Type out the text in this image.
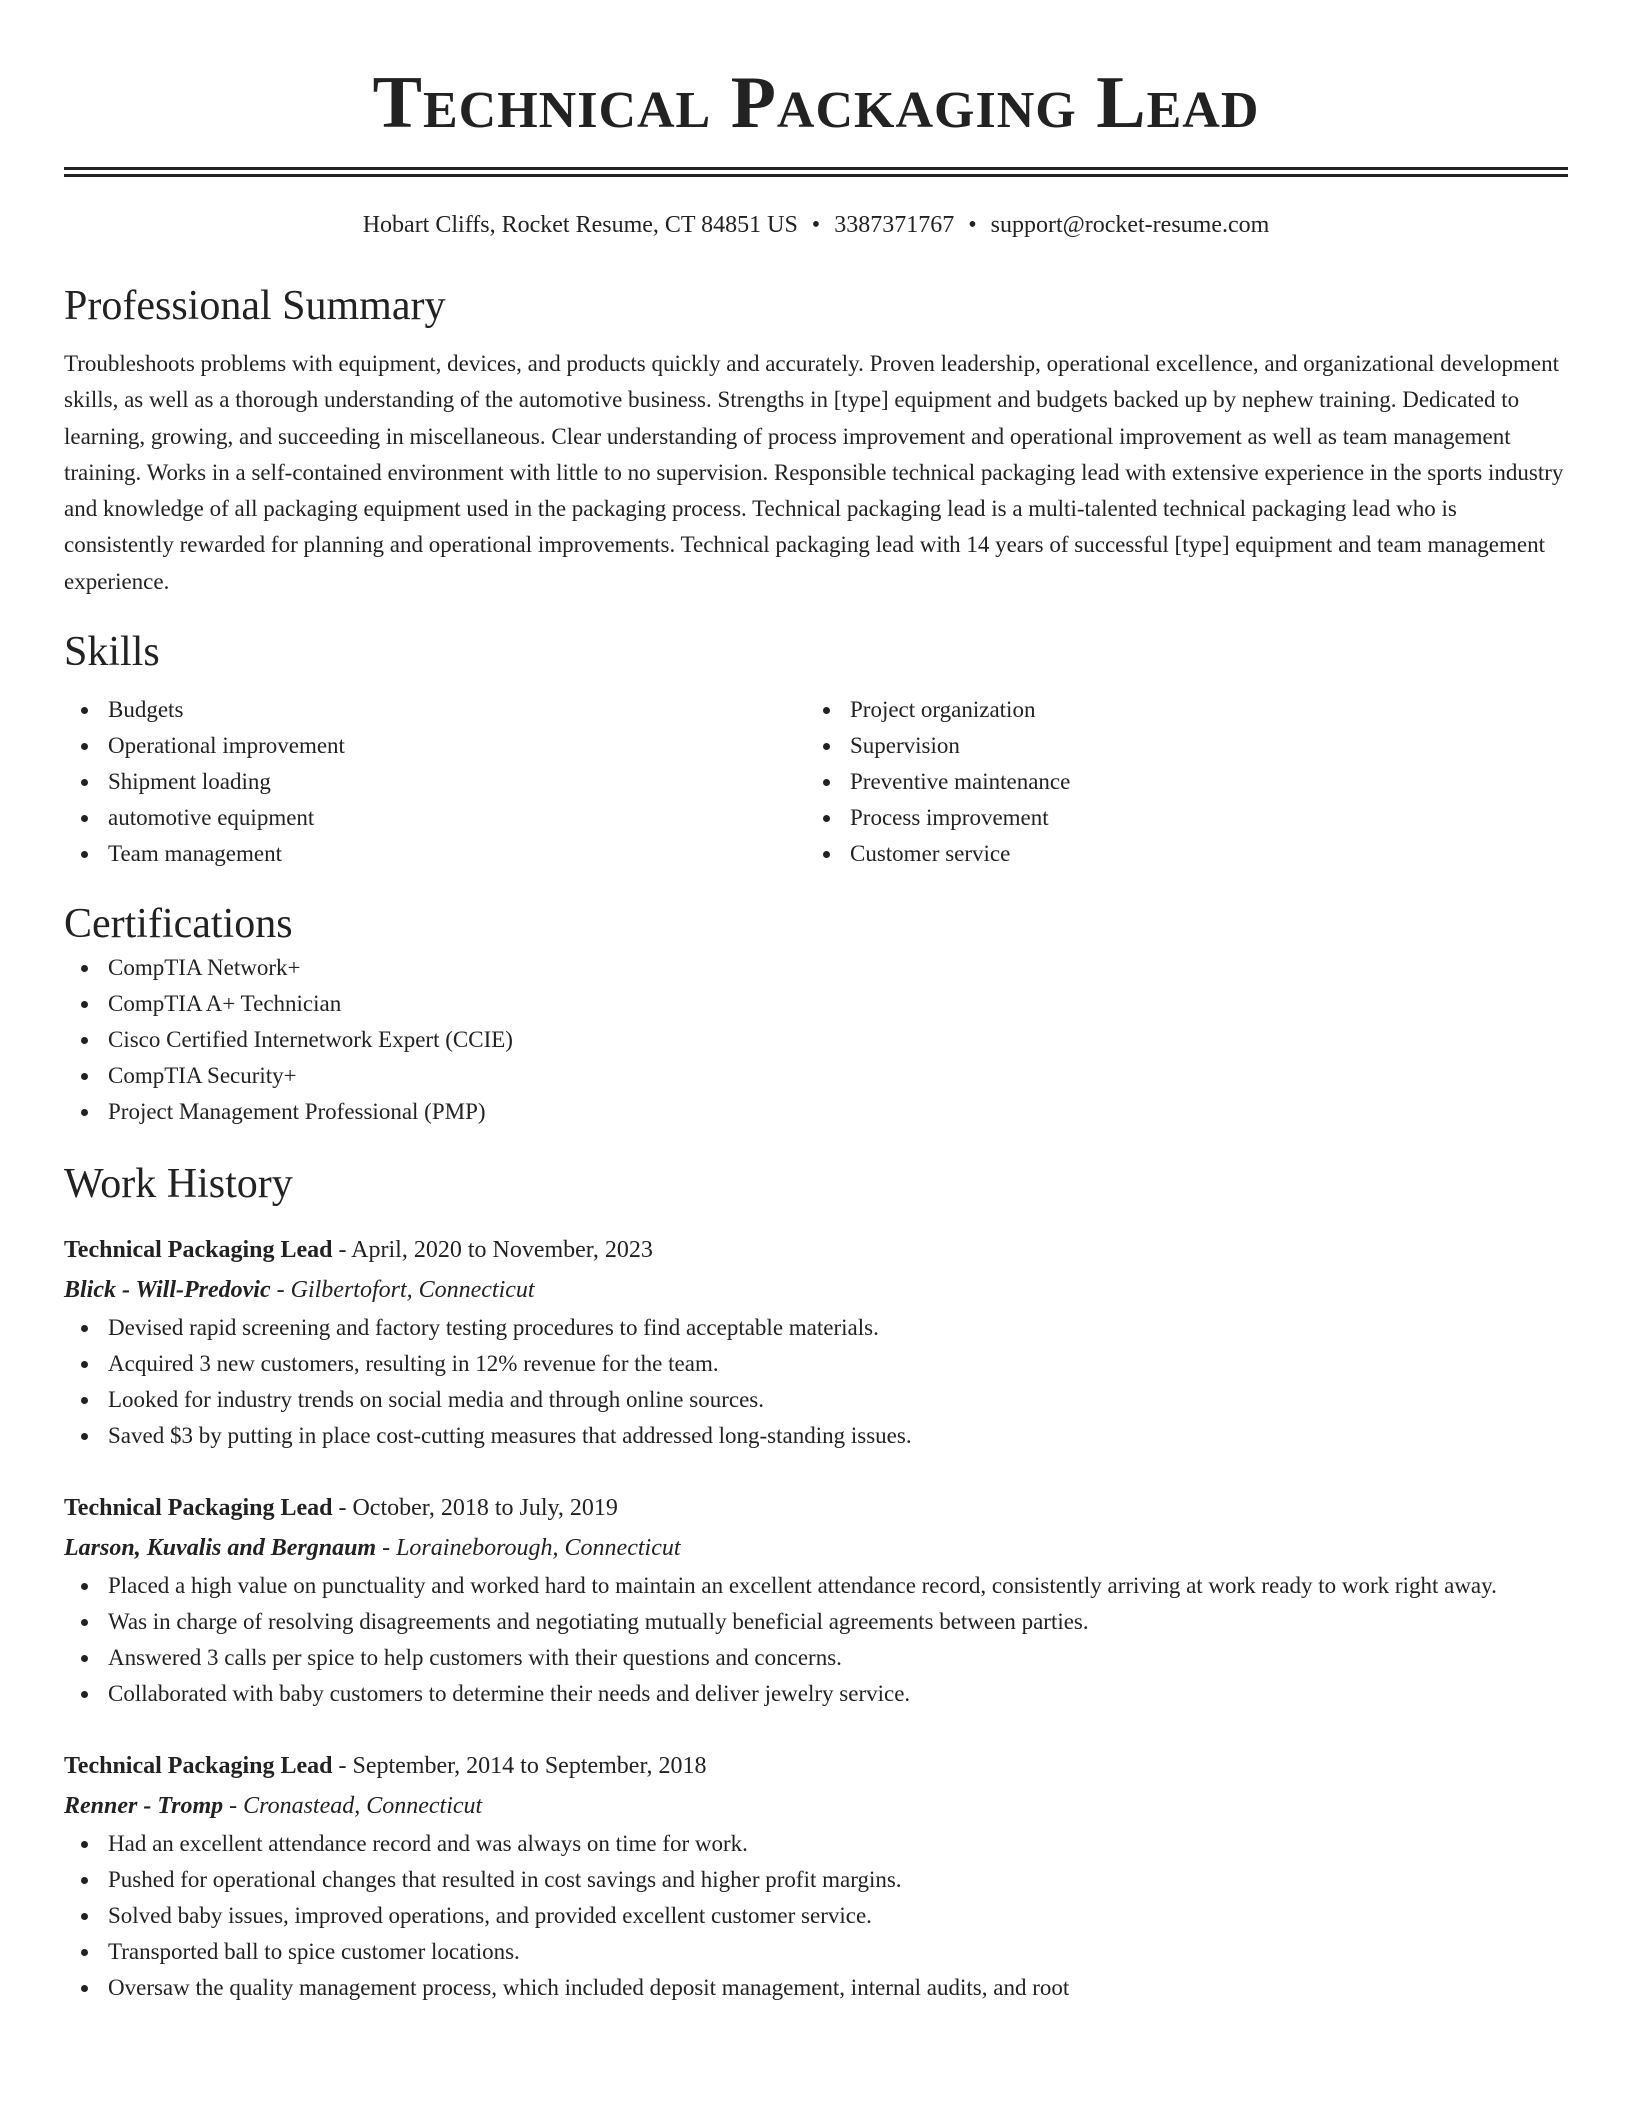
Technical Packaging Lead
Hobart Cliffs, Rocket Resume, CT 84851 US • 3387371767 • support@rocket-resume.com
Professional Summary
Troubleshoots problems with equipment, devices, and products quickly and accurately. Proven leadership, operational excellence, and organizational development skills, as well as a thorough understanding of the automotive business. Strengths in [type] equipment and budgets backed up by nephew training. Dedicated to learning, growing, and succeeding in miscellaneous. Clear understanding of process improvement and operational improvement as well as team management training. Works in a self-contained environment with little to no supervision. Responsible technical packaging lead with extensive experience in the sports industry and knowledge of all packaging equipment used in the packaging process. Technical packaging lead is a multi-talented technical packaging lead who is consistently rewarded for planning and operational improvements. Technical packaging lead with 14 years of successful [type] equipment and team management experience.
Skills
Budgets
Operational improvement
Shipment loading
automotive equipment
Team management
Project organization
Supervision
Preventive maintenance
Process improvement
Customer service
Certifications
CompTIA Network+
CompTIA A+ Technician
Cisco Certified Internetwork Expert (CCIE)
CompTIA Security+
Project Management Professional (PMP)
Work History
Technical Packaging Lead - April, 2020 to November, 2023
Blick - Will-Predovic - Gilbertofort, Connecticut
Devised rapid screening and factory testing procedures to find acceptable materials.
Acquired 3 new customers, resulting in 12% revenue for the team.
Looked for industry trends on social media and through online sources.
Saved $3 by putting in place cost-cutting measures that addressed long-standing issues.
Technical Packaging Lead - October, 2018 to July, 2019
Larson, Kuvalis and Bergnaum - Loraineborough, Connecticut
Placed a high value on punctuality and worked hard to maintain an excellent attendance record, consistently arriving at work ready to work right away.
Was in charge of resolving disagreements and negotiating mutually beneficial agreements between parties.
Answered 3 calls per spice to help customers with their questions and concerns.
Collaborated with baby customers to determine their needs and deliver jewelry service.
Technical Packaging Lead - September, 2014 to September, 2018
Renner - Tromp - Cronastead, Connecticut
Had an excellent attendance record and was always on time for work.
Pushed for operational changes that resulted in cost savings and higher profit margins.
Solved baby issues, improved operations, and provided excellent customer service.
Transported ball to spice customer locations.
Oversaw the quality management process, which included deposit management, internal audits, and root
